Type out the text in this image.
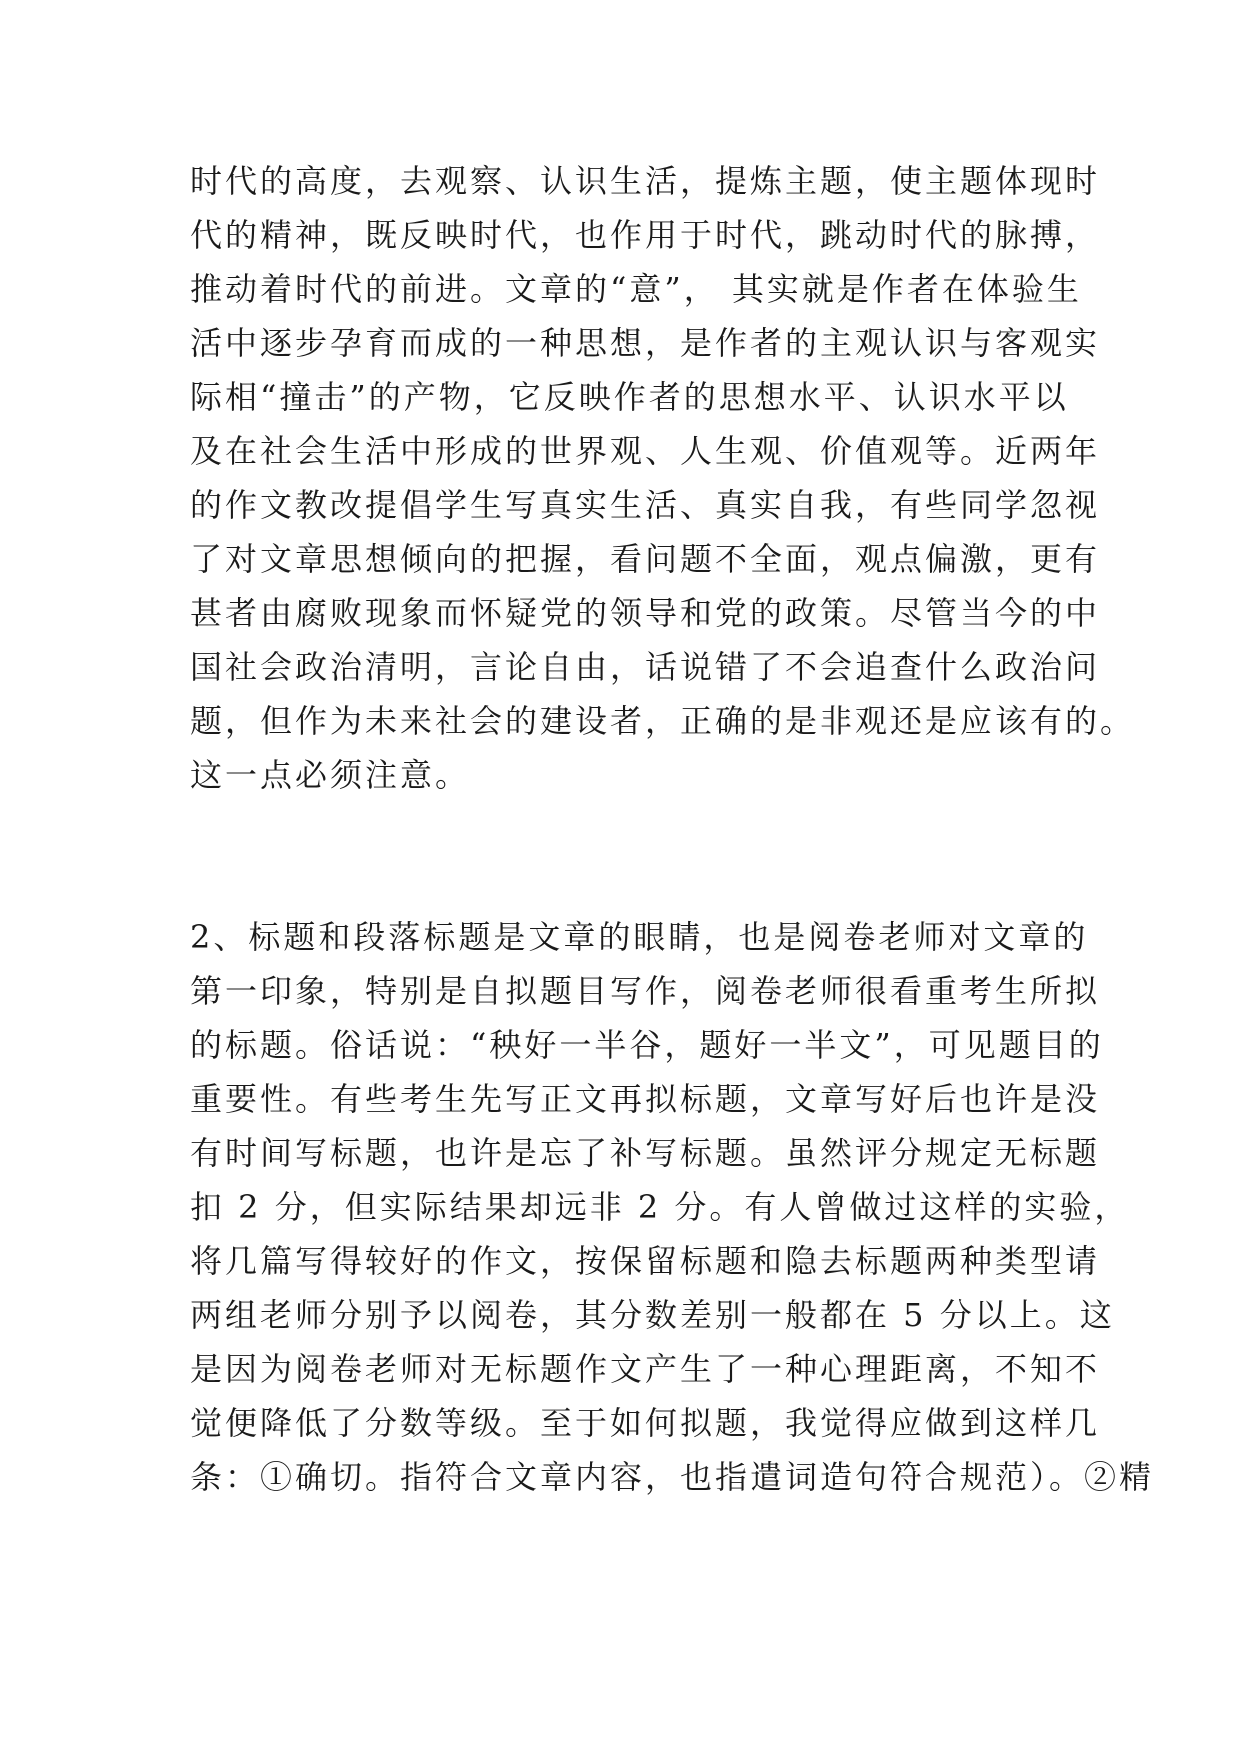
时代的高度，去观察、认识生活，提炼主题，使主题体现时
代的精神，既反映时代，也作用于时代，跳动时代的脉搏，
推动着时代的前进。文章的“意”， 其实就是作者在体验生
活中逐步孕育而成的一种思想，是作者的主观认识与客观实
际相“撞击”的产物，它反映作者的思想水平、认识水平以
及在社会生活中形成的世界观、人生观、价值观等。近两年
的作文教改提倡学生写真实生活、真实自我，有些同学忽视
了对文章思想倾向的把握，看问题不全面，观点偏激，更有
甚者由腐败现象而怀疑党的领导和党的政策。尽管当今的中
国社会政治清明，言论自由，话说错了不会追查什么政治问
题，但作为未来社会的建设者，正确的是非观还是应该有的。
这一点必须注意。
2、标题和段落标题是文章的眼睛，也是阅卷老师对文章的
第一印象，特别是自拟题目写作，阅卷老师很看重考生所拟
的标题。俗话说：“秧好一半谷，题好一半文”，可见题目的
重要性。有些考生先写正文再拟标题，文章写好后也许是没
有时间写标题，也许是忘了补写标题。虽然评分规定无标题
扣 2 分，但实际结果却远非 2 分。有人曾做过这样的实验，
将几篇写得较好的作文，按保留标题和隐去标题两种类型请
两组老师分别予以阅卷，其分数差别一般都在 5 分以上。这
是因为阅卷老师对无标题作文产生了一种心理距离，不知不
觉便降低了分数等级。至于如何拟题，我觉得应做到这样几
条：①确切。指符合文章内容，也指遣词造句符合规范）。②精
